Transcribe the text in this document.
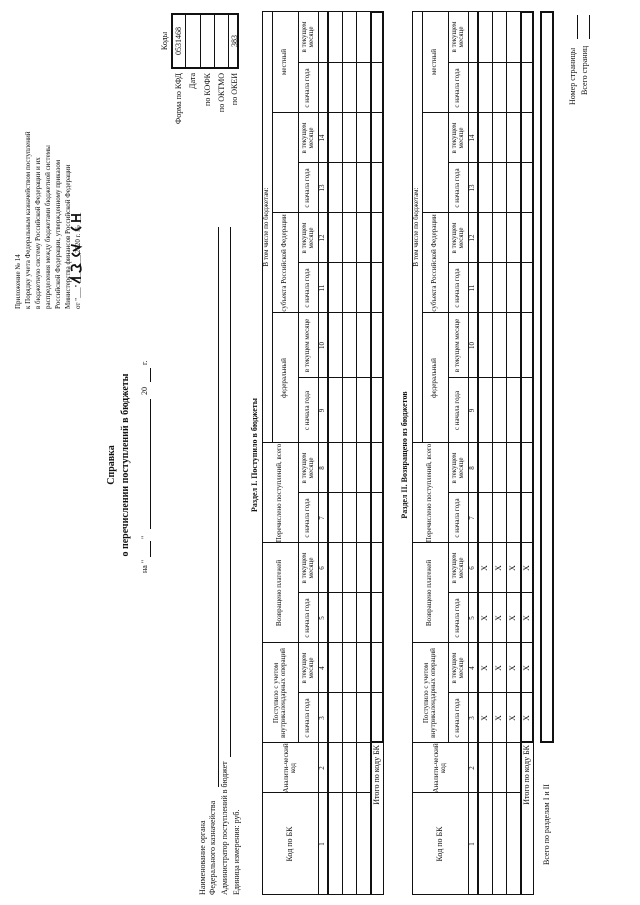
Приложение № 14 к Порядку учета Федеральным казначейством поступлений в бюджетную систему Российской Федерации и их распределения между бюджетами бюджетной системы Российской Федерации, утвержденному приказом Министерства финансов Российской Федерации от "___" ________ 2020 г. № ___
Справка о перечислении поступлений в бюджеты
на "
"
20
г.
Коды
Форма по КФД
0531468
Дата по КОФК по ОКТМО по ОКЕИ
383
Наименование органа Федерального казначейства Администратор поступлений в бюджет Единица измерения: руб.
Раздел I. Поступило в бюджеты
Код по БК
Аналити-ческий код
Поступило с учетом внутрикалендарных операций
Возвращено платежей
Перечислено поступлений, всего
В том числе по бюджетам:
федеральный
субъекта Российской Федерации
местный
с начала года
в текущем месяце
с начала года
в текущем месяце
с начала года
в текущем месяце
с начала года
в текущем месяце
с начала года
в текущем месяце
с начала года
в текущем месяце
с начала года
в текущем месяце
1
2
3
4
5
6
7
8
9
10
11
12
13
14
Итого по коду БК
Раздел II. Возвращено из бюджетов
Код по БК
Аналити-ческий код
Поступило с учетом внутрикалендарных операций
Возвращено платежей
Перечислено поступлений, всего
В том числе по бюджетам:
федеральный
субъекта Российской Федерации
местный
с начала года
в текущем месяце
с начала года
в текущем месяце
с начала года
в текущем месяце
с начала года
в текущем месяце
с начала года
в текущем месяце
с начала года
в текущем месяце
с начала года
в текущем месяце
1
2
3
4
5
6
7
8
9
10
11
12
13
14
X
X
X
X
X
X
X
X
X
X
X
X
X
X
X
X
Итого по коду БК
Всего по разделам I и II
Номер страницы Всего страниц
